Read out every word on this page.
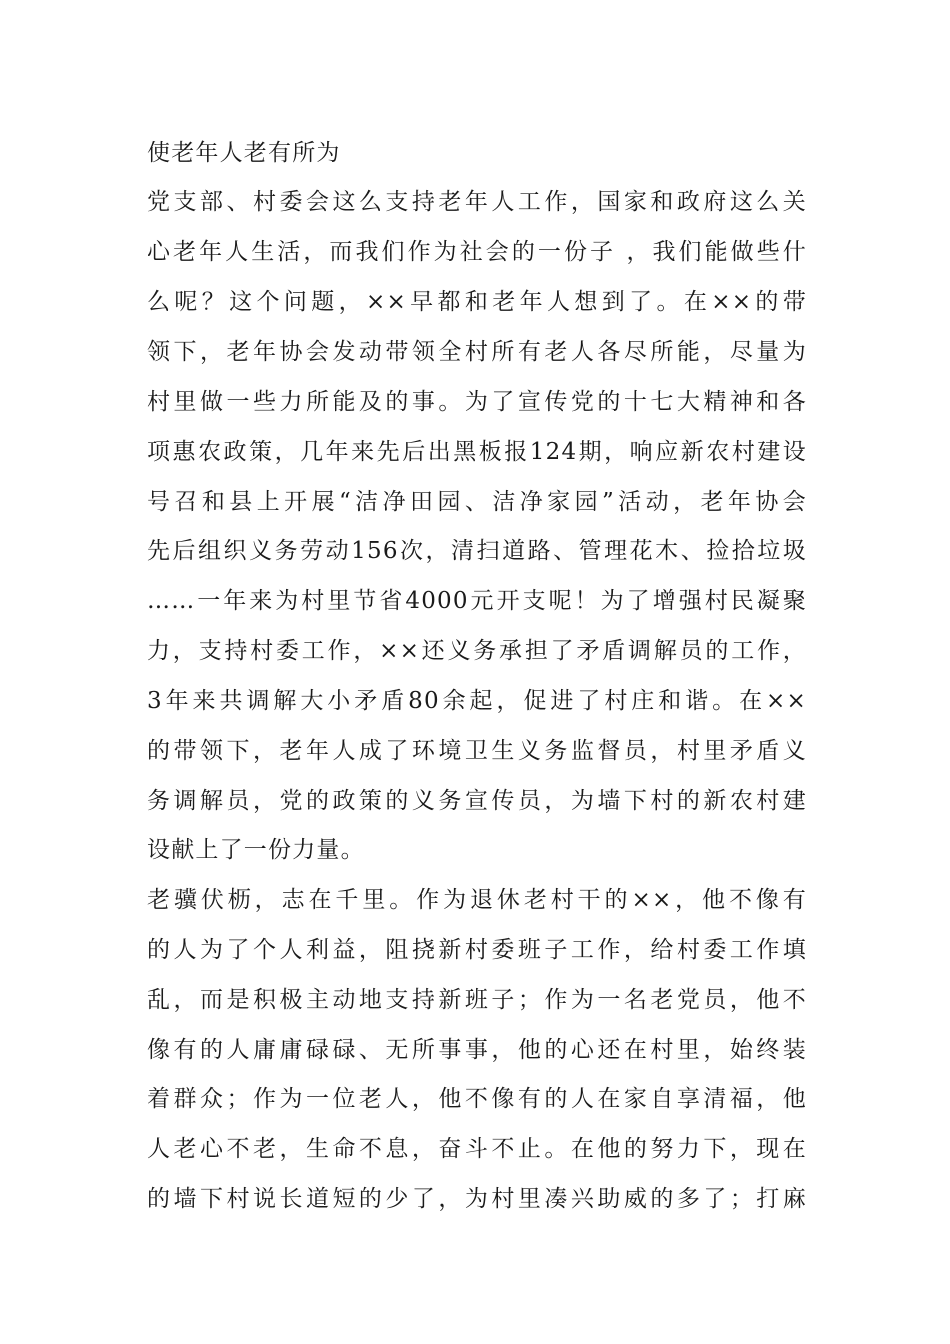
使老年人老有所为
党支部、村委会这么支持老年人工作，国家和政府这么关
心老年人生活，而我们作为社会的一份子 ，我们能做些什
么呢？这个问题，××早都和老年人想到了。在××的带
领下，老年协会发动带领全村所有老人各尽所能，尽量为
村里做一些力所能及的事。为了宣传党的十七大精神和各
项惠农政策，几年来先后出黑板报124期，响应新农村建设
号召和县上开展“洁净田园、洁净家园”活动，老年协会
先后组织义务劳动156次，清扫道路、管理花木、捡拾垃圾
……一年来为村里节省4000元开支呢！为了增强村民凝聚
力，支持村委工作，××还义务承担了矛盾调解员的工作，
3年来共调解大小矛盾80余起，促进了村庄和谐。在××
的带领下，老年人成了环境卫生义务监督员，村里矛盾义
务调解员，党的政策的义务宣传员，为墙下村的新农村建
设献上了一份力量。
老骥伏枥，志在千里。作为退休老村干的××，他不像有
的人为了个人利益，阻挠新村委班子工作，给村委工作填
乱，而是积极主动地支持新班子；作为一名老党员，他不
像有的人庸庸碌碌、无所事事，他的心还在村里，始终装
着群众；作为一位老人，他不像有的人在家自享清福，他
人老心不老，生命不息，奋斗不止。在他的努力下，现在
的墙下村说长道短的少了，为村里凑兴助威的多了；打麻
